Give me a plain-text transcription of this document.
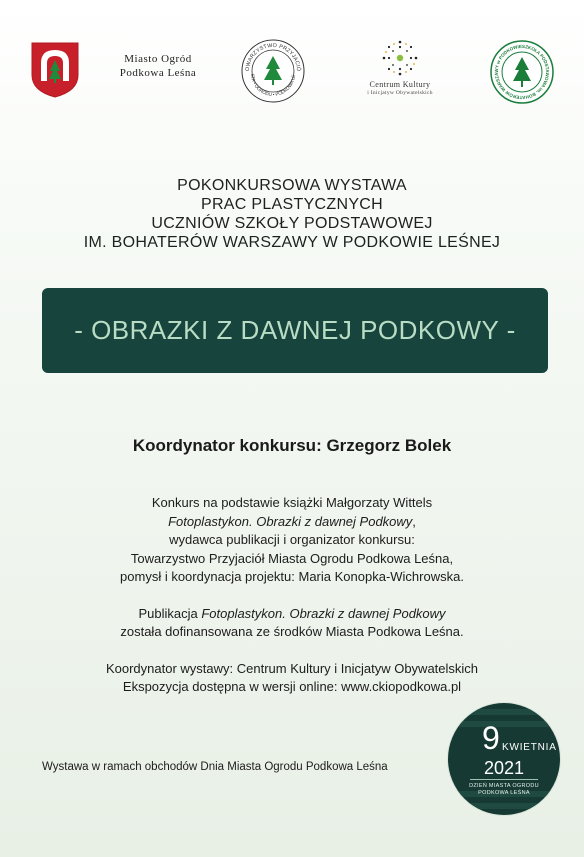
Miasto Ogród
Podkowa Leśna	OWARZYSTWO PRZYJACIÓ
STA • OGRODU • PODKOWA LE
Centrum Kultury
i Inicjatyw Obywatelskich
SZKOŁA PODSTAWOWA im. BOHATERÓW WARSZAWY w PODKOWIE
POKONKURSOWA WYSTAWA
PRAC PLASTYCZNYCH
UCZNIÓW SZKOŁY PODSTAWOWEJ
IM. BOHATERÓW WARSZAWY W PODKOWIE LEŚNEJ
- OBRAZKI Z DAWNEJ PODKOWY -
Koordynator konkursu: Grzegorz Bolek

Konkurs na podstawie książki Małgorzaty Wittels
Fotoplastykon. Obrazki z dawnej Podkowy,
wydawca publikacji i organizator konkursu:
Towarzystwo Przyjaciół Miasta Ogrodu Podkowa Leśna,
pomysł i koordynacja projektu: Maria Konopka-Wichrowska.

Publikacja Fotoplastykon. Obrazki z dawnej Podkowy
została dofinansowana ze środków Miasta Podkowa Leśna.

Koordynator wystawy: Centrum Kultury i Inicjatyw Obywatelskich
Ekspozycja dostępna w wersji online: www.ckiopodkowa.pl

Wystawa w ramach obchodów Dnia Miasta Ogrodu Podkowa Leśna
9 KWIETNIA
2021
DZIEŃ MIASTA OGRODU
PODKOWA LEŚNA
